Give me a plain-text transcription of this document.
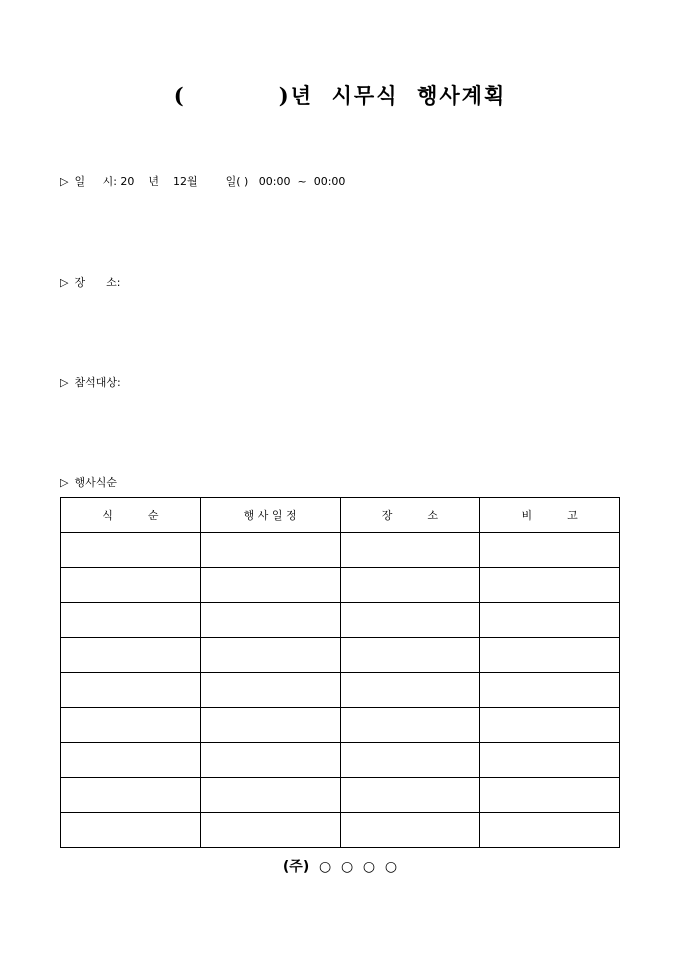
(          )년  시무식  행사계획
▷ 일     시: 20    년    12월        일( )   00:00  ~  00:00
▷ 장      소:
▷ 참석대상:
▷ 행사식순
식          순	행 사 일 정	장          소	비          고

(주)  ○  ○  ○  ○
